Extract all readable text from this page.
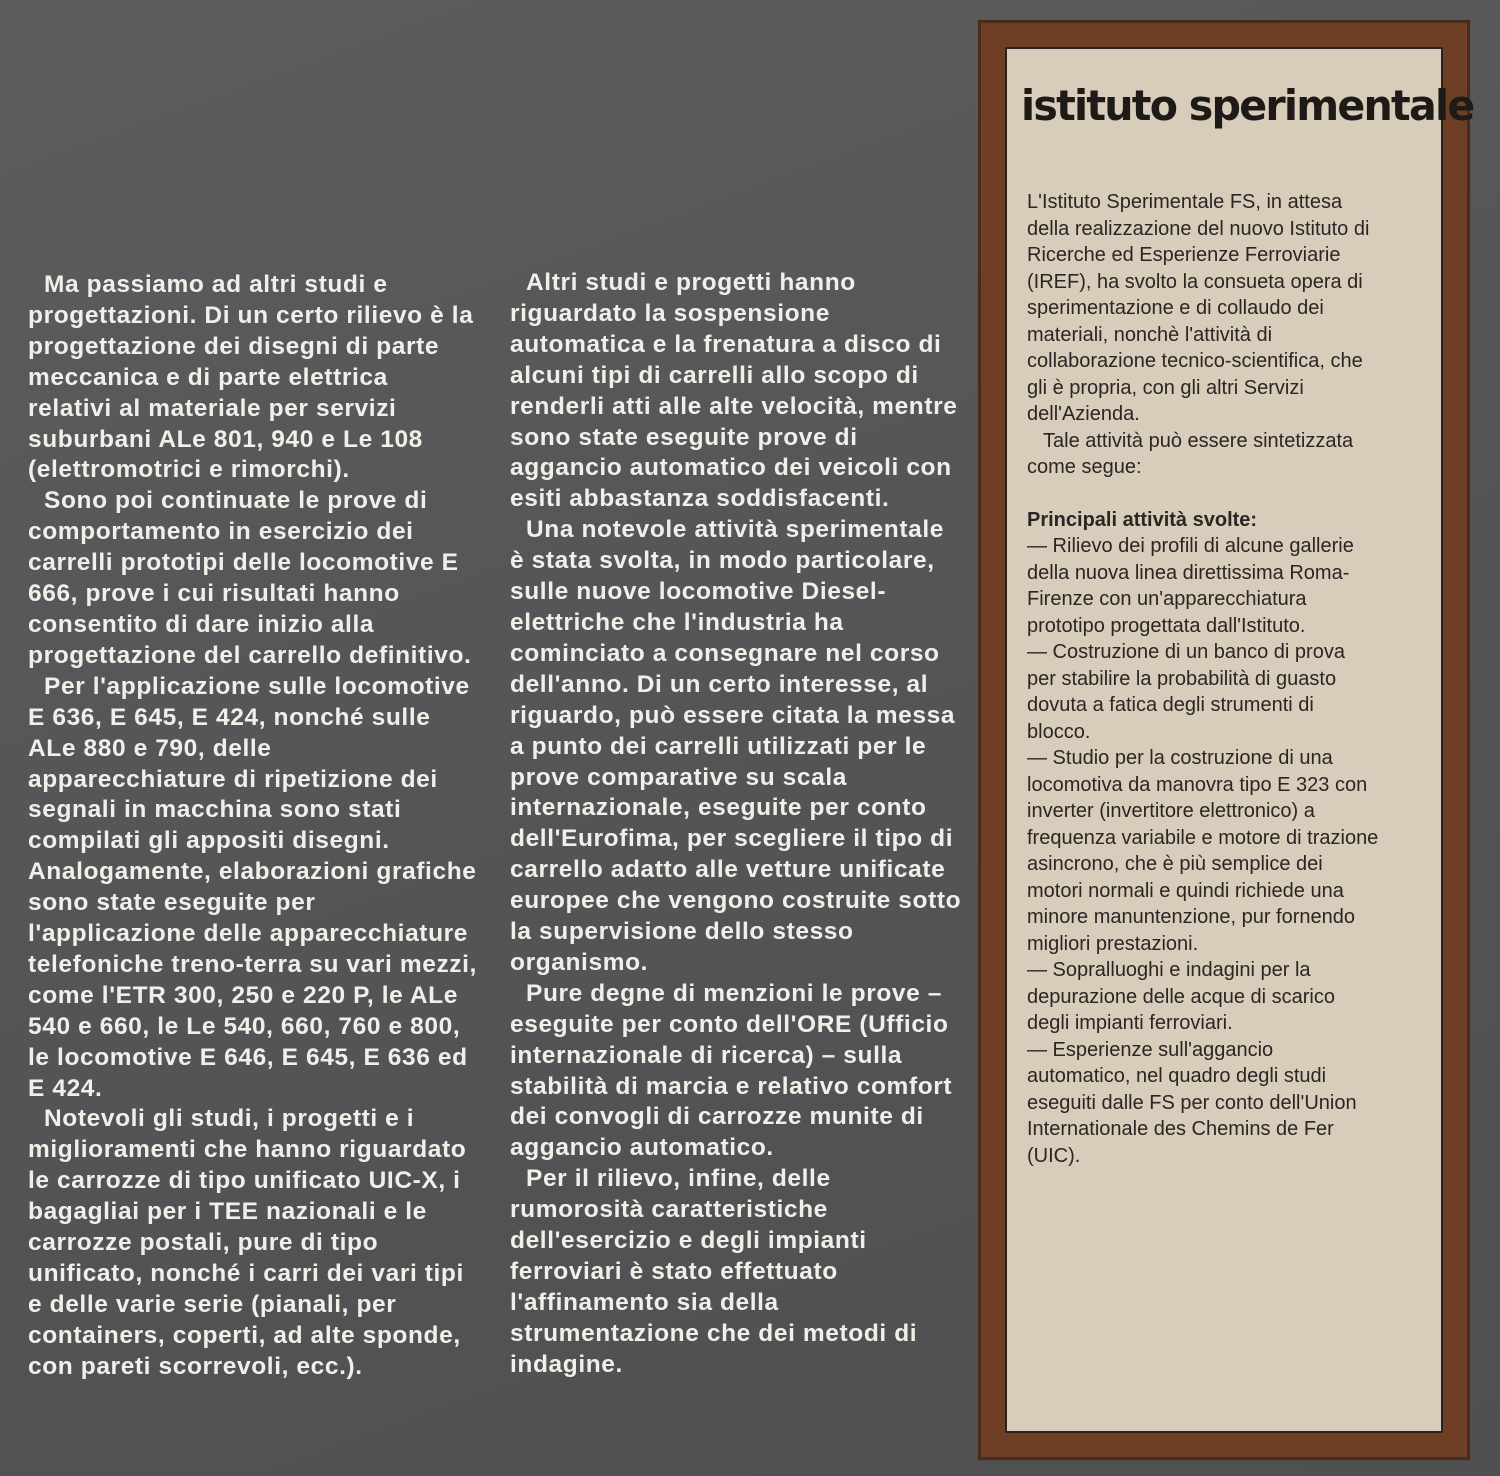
Ma passiamo ad altri studi e
progettazioni. Di un certo rilievo è la
progettazione dei disegni di parte
meccanica e di parte elettrica
relativi al materiale per servizi
suburbani ALe 801, 940 e Le 108
(elettromotrici e rimorchi).

Sono poi continuate le prove di
comportamento in esercizio dei
carrelli prototipi delle locomotive E
666, prove i cui risultati hanno
consentito di dare inizio alla
progettazione del carrello definitivo.

Per l'applicazione sulle locomotive
E 636, E 645, E 424, nonché sulle
ALe 880 e 790, delle
apparecchiature di ripetizione dei
segnali in macchina sono stati
compilati gli appositi disegni.
Analogamente, elaborazioni grafiche
sono state eseguite per
l'applicazione delle apparecchiature
telefoniche treno-terra su vari mezzi,
come l'ETR 300, 250 e 220 P, le ALe
540 e 660, le Le 540, 660, 760 e 800,
le locomotive E 646, E 645, E 636 ed
E 424.

Notevoli gli studi, i progetti e i
miglioramenti che hanno riguardato
le carrozze di tipo unificato UIC-X, i
bagagliai per i TEE nazionali e le
carrozze postali, pure di tipo
unificato, nonché i carri dei vari tipi
e delle varie serie (pianali, per
containers, coperti, ad alte sponde,
con pareti scorrevoli, ecc.).

Altri studi e progetti hanno
riguardato la sospensione
automatica e la frenatura a disco di
alcuni tipi di carrelli allo scopo di
renderli atti alle alte velocità, mentre
sono state eseguite prove di
aggancio automatico dei veicoli con
esiti abbastanza soddisfacenti.

Una notevole attività sperimentale
è stata svolta, in modo particolare,
sulle nuove locomotive Diesel-
elettriche che l'industria ha
cominciato a consegnare nel corso
dell'anno. Di un certo interesse, al
riguardo, può essere citata la messa
a punto dei carrelli utilizzati per le
prove comparative su scala
internazionale, eseguite per conto
dell'Eurofima, per scegliere il tipo di
carrello adatto alle vetture unificate
europee che vengono costruite sotto
la supervisione dello stesso
organismo.

Pure degne di menzioni le prove –
eseguite per conto dell'ORE (Ufficio
internazionale di ricerca) – sulla
stabilità di marcia e relativo comfort
dei convogli di carrozze munite di
aggancio automatico.

Per il rilievo, infine, delle
rumorosità caratteristiche
dell'esercizio e degli impianti
ferroviari è stato effettuato
l'affinamento sia della
strumentazione che dei metodi di
indagine.

istituto sperimentale

L'Istituto Sperimentale FS, in attesa
della realizzazione del nuovo Istituto di
Ricerche ed Esperienze Ferroviarie
(IREF), ha svolto la consueta opera di
sperimentazione e di collaudo dei
materiali, nonchè l'attività di
collaborazione tecnico-scientifica, che
gli è propria, con gli altri Servizi
dell'Azienda.

Tale attività può essere sintetizzata
come segue:

Principali attività svolte:

— Rilievo dei profili di alcune gallerie
della nuova linea direttissima Roma-
Firenze con un'apparecchiatura
prototipo progettata dall'Istituto.

— Costruzione di un banco di prova
per stabilire la probabilità di guasto
dovuta a fatica degli strumenti di
blocco.

— Studio per la costruzione di una
locomotiva da manovra tipo E 323 con
inverter (invertitore elettronico) a
frequenza variabile e motore di trazione
asincrono, che è più semplice dei
motori normali e quindi richiede una
minore manuntenzione, pur fornendo
migliori prestazioni.

— Sopralluoghi e indagini per la
depurazione delle acque di scarico
degli impianti ferroviari.

— Esperienze sull'aggancio
automatico, nel quadro degli studi
eseguiti dalle FS per conto dell'Union
Internationale des Chemins de Fer
(UIC).
